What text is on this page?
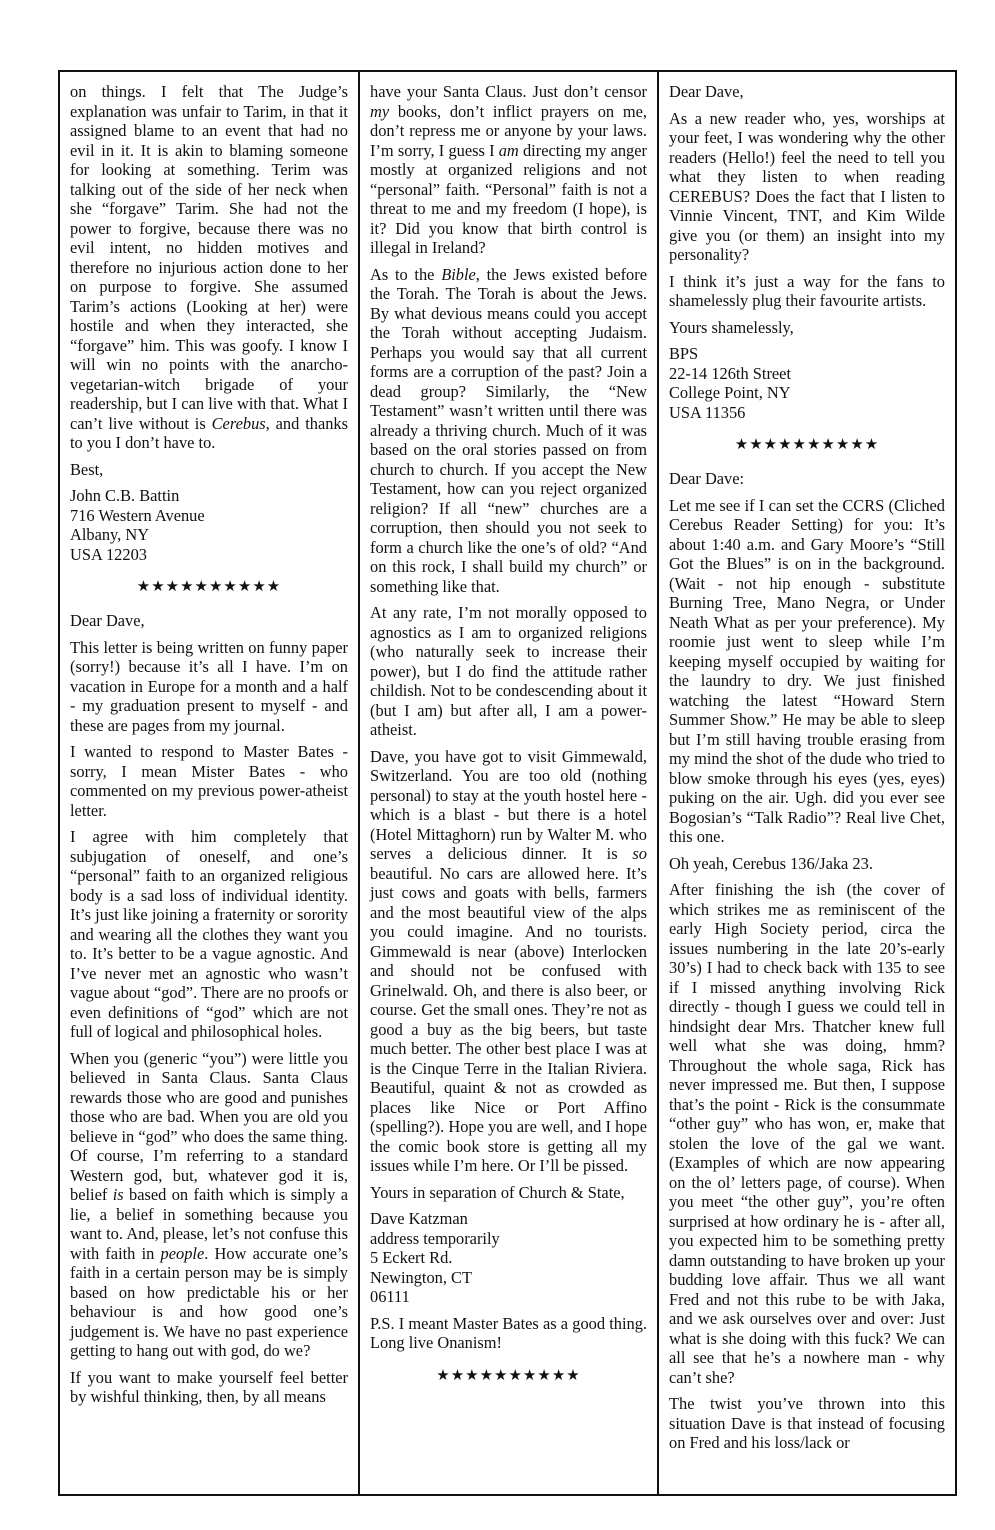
on things. I felt that The Judge’s explanation was unfair to Tarim, in that it assigned blame to an event that had no evil in it. It is akin to blaming someone for looking at something. Terim was talking out of the side of her neck when she “forgave” Tarim. She had not the power to forgive, because there was no evil intent, no hidden motives and therefore no injurious action done to her on purpose to forgive. She assumed Tarim’s actions (Looking at her) were hostile and when they interacted, she “forgave” him. This was goofy. I know I will win no points with the anarcho-vegetarian-witch brigade of your readership, but I can live with that. What I can’t live without is Cerebus, and thanks to you I don’t have to.

Best,

John C.B. Battin
716 Western Avenue
Albany, NY
USA 12203
★★★★★★★★★★

Dear Dave,

This letter is being written on funny paper (sorry!) because it’s all I have. I’m on vacation in Europe for a month and a half - my graduation present to myself - and these are pages from my journal.

I wanted to respond to Master Bates - sorry, I mean Mister Bates - who commented on my previous power-atheist letter.

I agree with him completely that subjugation of oneself, and one’s “personal” faith to an organized religious body is a sad loss of individual identity. It’s just like joining a fraternity or sorority and wearing all the clothes they want you to. It’s better to be a vague agnostic. And I’ve never met an agnostic who wasn’t vague about “god”. There are no proofs or even definitions of “god” which are not full of logical and philosophical holes.

When you (generic “you”) were little you believed in Santa Claus. Santa Claus rewards those who are good and punishes those who are bad. When you are old you believe in “god” who does the same thing. Of course, I’m referring to a standard Western god, but, whatever god it is, belief is based on faith which is simply a lie, a belief in something because you want to. And, please, let’s not confuse this with faith in people. How accurate one’s faith in a certain person may be is simply based on how predictable his or her behaviour is and how good one’s judgement is. We have no past experience getting to hang out with god, do we?

If you want to make yourself feel better by wishful thinking, then, by all means

have your Santa Claus. Just don’t censor my books, don’t inflict prayers on me, don’t repress me or anyone by your laws. I’m sorry, I guess I am directing my anger mostly at organized religions and not “personal” faith. “Personal” faith is not a threat to me and my freedom (I hope), is it? Did you know that birth control is illegal in Ireland?

As to the Bible, the Jews existed before the Torah. The Torah is about the Jews. By what devious means could you accept the Torah without accepting Judaism. Perhaps you would say that all current forms are a corruption of the past? Join a dead group? Similarly, the “New Testament” wasn’t written until there was already a thriving church. Much of it was based on the oral stories passed on from church to church. If you accept the New Testament, how can you reject organized religion? If all “new” churches are a corruption, then should you not seek to form a church like the one’s of old? “And on this rock, I shall build my church” or something like that.

At any rate, I’m not morally opposed to agnostics as I am to organized religions (who naturally seek to increase their power), but I do find the attitude rather childish. Not to be condescending about it (but I am) but after all, I am a power-atheist.

Dave, you have got to visit Gimmewald, Switzerland. You are too old (nothing personal) to stay at the youth hostel here - which is a blast - but there is a hotel (Hotel Mittaghorn) run by Walter M. who serves a delicious dinner. It is so beautiful. No cars are allowed here. It’s just cows and goats with bells, farmers and the most beautiful view of the alps you could imagine. And no tourists. Gimmewald is near (above) Interlocken and should not be confused with Grinelwald. Oh, and there is also beer, or course. Get the small ones. They’re not as good a buy as the big beers, but taste much better. The other best place I was at is the Cinque Terre in the Italian Riviera. Beautiful, quaint & not as crowded as places like Nice or Port Affino (spelling?). Hope you are well, and I hope the comic book store is getting all my issues while I’m here. Or I’ll be pissed.

Yours in separation of Church & State,

Dave Katzman
address temporarily
5 Eckert Rd.
Newington, CT
06111

P.S. I meant Master Bates as a good thing. Long live Onanism!

★★★★★★★★★★

Dear Dave,

As a new reader who, yes, worships at your feet, I was wondering why the other readers (Hello!) feel the need to tell you what they listen to when reading CEREBUS? Does the fact that I listen to Vinnie Vincent, TNT, and Kim Wilde give you (or them) an insight into my personality?

I think it’s just a way for the fans to shamelessly plug their favourite artists.

Yours shamelessly,

BPS
22-14 126th Street
College Point, NY
USA 11356
★★★★★★★★★★

Dear Dave:

Let me see if I can set the CCRS (Cliched Cerebus Reader Setting) for you: It’s about 1:40 a.m. and Gary Moore’s “Still Got the Blues” is on in the background. (Wait - not hip enough - substitute Burning Tree, Mano Negra, or Under Neath What as per your preference). My roomie just went to sleep while I’m keeping myself occupied by waiting for the laundry to dry. We just finished watching the latest “Howard Stern Summer Show.” He may be able to sleep but I’m still having trouble erasing from my mind the shot of the dude who tried to blow smoke through his eyes (yes, eyes) puking on the air. Ugh. did you ever see Bogosian’s “Talk Radio”? Real live Chet, this one.

Oh yeah, Cerebus 136/Jaka 23.

After finishing the ish (the cover of which strikes me as reminiscent of the early High Society period, circa the issues numbering in the late 20’s-early 30’s) I had to check back with 135 to see if I missed anything involving Rick directly - though I guess we could tell in hindsight dear Mrs. Thatcher knew full well what she was doing, hmm? Throughout the whole saga, Rick has never impressed me. But then, I suppose that’s the point - Rick is the consummate “other guy” who has won, er, make that stolen the love of the gal we want. (Examples of which are now appearing on the ol’ letters page, of course). When you meet “the other guy”, you’re often surprised at how ordinary he is - after all, you expected him to be something pretty damn outstanding to have broken up your budding love affair. Thus we all want Fred and not this rube to be with Jaka, and we ask ourselves over and over: Just what is she doing with this fuck? We can all see that he’s a nowhere man - why can’t she?

The twist you’ve thrown into this situation Dave is that instead of focusing on Fred and his loss/lack or
